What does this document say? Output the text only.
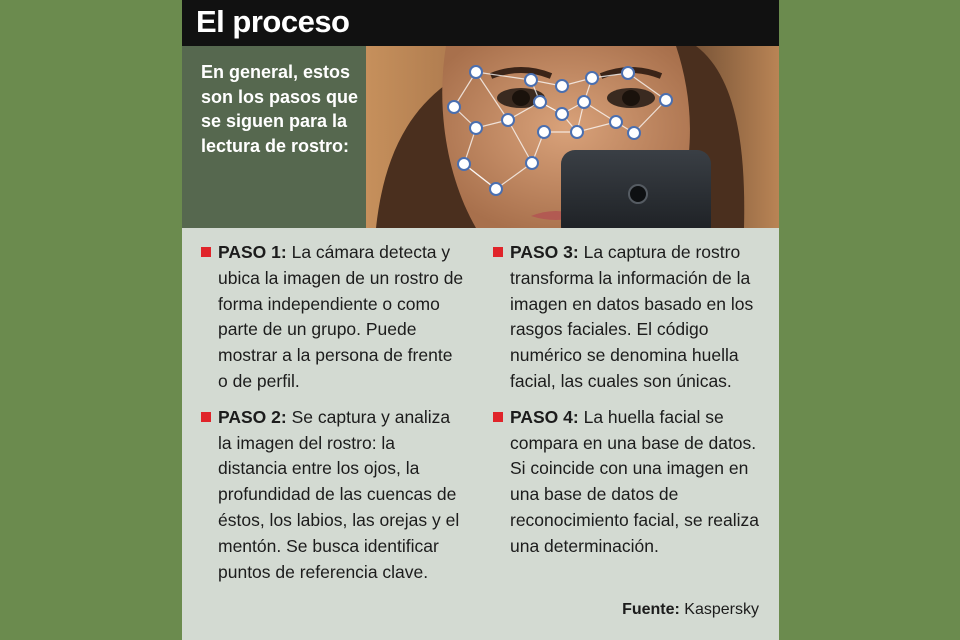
El proceso

En general, estos son los pasos que se siguen para la lectura de rostro:

PASO 1: La cámara detecta y ubica la imagen de un rostro de forma independiente o como parte de un grupo. Puede mostrar a la persona de frente o de perfil.
PASO 2: Se captura y analiza la imagen del rostro: la distancia entre los ojos, la profundidad de las cuencas de éstos, los labios, las orejas y el mentón. Se busca identificar puntos de referencia clave.
PASO 3: La captura de rostro transforma la información de la imagen en datos basado en los rasgos faciales. El código numérico se denomina huella facial, las cuales son únicas.
PASO 4: La huella facial se compara en una base de datos. Si coincide con una imagen en una base de datos de reconocimiento facial, se realiza una determinación.
Fuente: Kaspersky
